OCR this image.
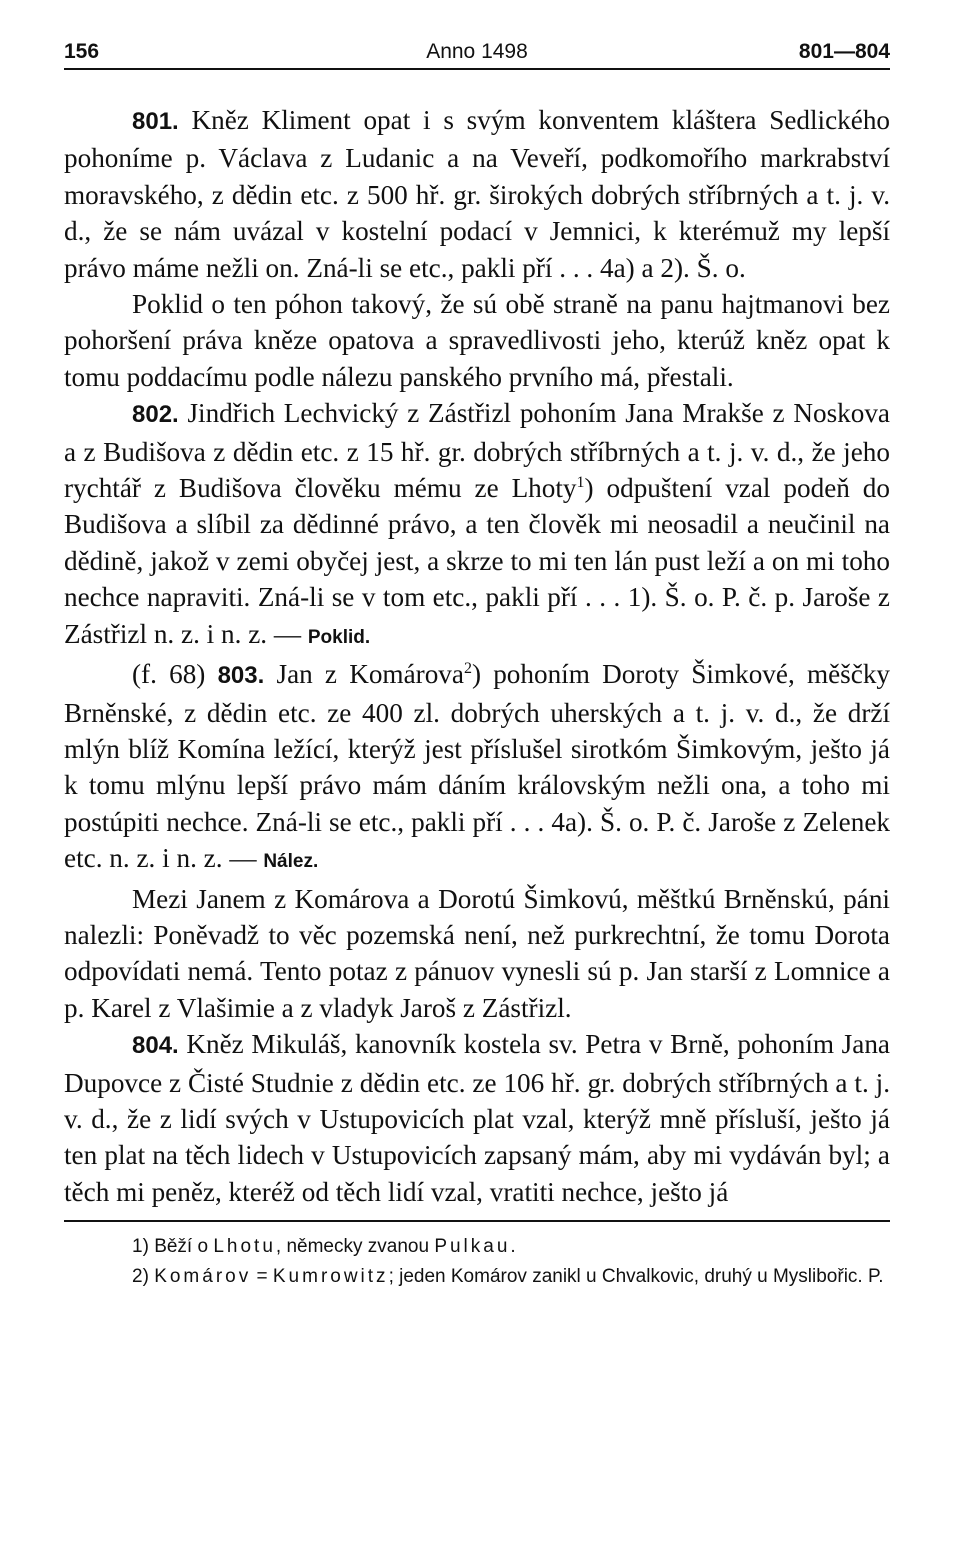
156	Anno 1498	801—804

801. Kněz Kliment opat i s svým konventem kláštera Sedlického pohoníme p. Václava z Ludanic a na Veveří, podkomořího markrabství moravského, z dědin etc. z 500 hř. gr. širokých dobrých stříbrných a t. j. v. d., že se nám uvázal v kostelní podací v Jemnici, k kterémuž my lepší právo máme nežli on. Zná-li se etc., pakli pří . . . 4a) a 2). Š. o.

Poklid o ten póhon takový, že sú obě straně na panu hajtmanovi bez pohoršení práva kněze opatova a spravedlivosti jeho, kterúž kněz opat k tomu poddacímu podle nálezu panského prvního má, přestali.

802. Jindřich Lechvický z Zástřizl pohoním Jana Mrakše z Noskova a z Budišova z dědin etc. z 15 hř. gr. dobrých stříbrných a t. j. v. d., že jeho rychtář z Budišova člověku mému ze Lhoty$^1$) odpuštení vzal podeň do Budišova a slíbil za dědinné právo, a ten člověk mi neosadil a neučinil na dědině, jakož v zemi obyčej jest, a skrze to mi ten lán pust leží a on mi toho nechce napraviti. Zná-li se v tom etc., pakli pří . . . 1). Š. o. P. č. p. Jaroše z Zástřizl n. z. i n. z. — Poklid.

(f. 68) 803. Jan z Komárova$^2$) pohoním Doroty Šimkové, měščky Brněnské, z dědin etc. ze 400 zl. dobrých uherských a t. j. v. d., že drží mlýn blíž Komína ležící, kterýž jest příslušel sirotkóm Šimkovým, ješto já k tomu mlýnu lepší právo mám dáním královským nežli ona, a toho mi postúpiti nechce. Zná-li se etc., pakli pří . . . 4a). Š. o. P. č. Jaroše z Zelenek etc. n. z. i n. z. — Nález.

Mezi Janem z Komárova a Dorotú Šimkovú, měštkú Brněnskú, páni nalezli: Poněvadž to věc pozemská není, než purkrechtní, že tomu Dorota odpovídati nemá. Tento potaz z pánuov vynesli sú p. Jan starší z Lomnice a p. Karel z Vlašimie a z vladyk Jaroš z Zástřizl.

804. Kněz Mikuláš, kanovník kostela sv. Petra v Brně, pohoním Jana Dupovce z Čisté Studnie z dědin etc. ze 106 hř. gr. dobrých stříbrných a t. j. v. d., že z lidí svých v Ustupovicích plat vzal, kterýž mně přísluší, ješto já ten plat na těch lidech v Ustupovicích zapsaný mám, aby mi vydáván byl; a těch mi peněz, kteréž od těch lidí vzal, vratiti nechce, ješto já

1) Běží o Lhotu, německy zvanou Pulkau.

2) Komárov = Kumrowitz; jeden Komárov zanikl u Chvalkovic, druhý u Myslibořic. P.
